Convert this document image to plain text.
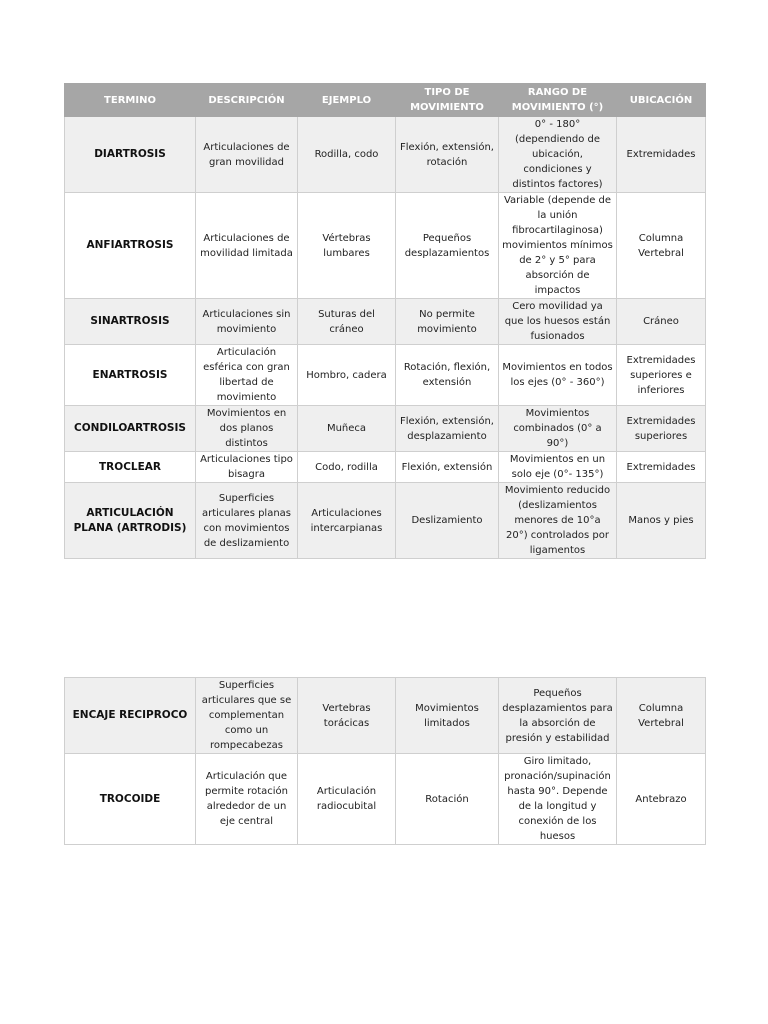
TERMINO	DESCRIPCIÓN	EJEMPLO	TIPO DE MOVIMIENTO	RANGO DE MOVIMIENTO (°)	UBICACIÓN
DIARTROSIS	Articulaciones de gran movilidad	Rodilla, codo	Flexión, extensión, rotación	0° - 180° (dependiendo de ubicación, condiciones y distintos factores)	Extremidades
ANFIARTROSIS	Articulaciones de movilidad limitada	Vértebras lumbares	Pequeños desplazamientos	Variable (depende de la unión fibrocartilaginosa) movimientos mínimos de 2° y 5° para absorción de impactos	Columna Vertebral
SINARTROSIS	Articulaciones sin movimiento	Suturas del cráneo	No permite movimiento	Cero movilidad ya que los huesos están fusionados	Cráneo
ENARTROSIS	Articulación esférica con gran libertad de movimiento	Hombro, cadera	Rotación, flexión, extensión	Movimientos en todos los ejes (0° - 360°)	Extremidades superiores e inferiores
CONDILOARTROSIS	Movimientos en dos planos distintos	Muñeca	Flexión, extensión, desplazamiento	Movimientos combinados (0° a 90°)	Extremidades superiores
TROCLEAR	Articulaciones tipo bisagra	Codo, rodilla	Flexión, extensión	Movimientos en un solo eje (0°- 135°)	Extremidades
ARTICULACIÓN PLANA (ARTRODIS)	Superficies articulares planas con movimientos de deslizamiento	Articulaciones intercarpianas	Deslizamiento	Movimiento reducido (deslizamientos menores de 10°a 20°) controlados por ligamentos	Manos y pies
ENCAJE RECIPROCO	Superficies articulares que se complementan como un rompecabezas	Vertebras torácicas	Movimientos limitados	Pequeños desplazamientos para la absorción de presión y estabilidad	Columna Vertebral
TROCOIDE	Articulación que permite rotación alrededor de un eje central	Articulación radiocubital	Rotación	Giro limitado, pronación/supinación hasta 90°. Depende de la longitud y conexión de los huesos	Antebrazo
